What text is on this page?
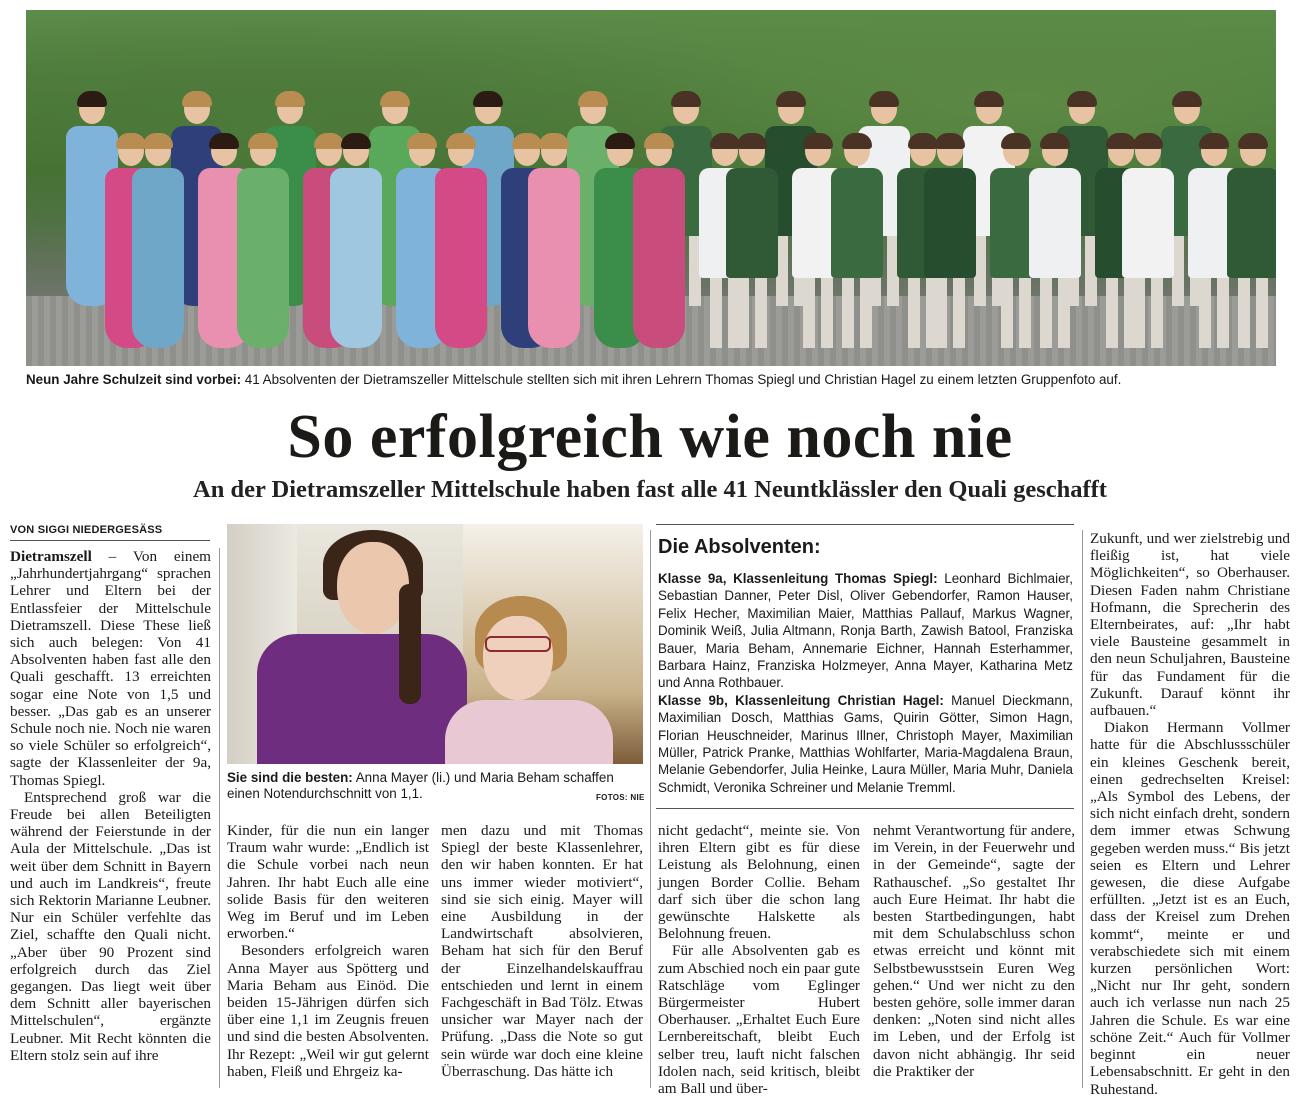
Neun Jahre Schulzeit sind vorbei: 41 Absolventen der Dietramszeller Mittelschule stellten sich mit ihren Lehrern Thomas Spiegl und Christian Hagel zu einem letzten Gruppenfoto auf.
So erfolgreich wie noch nie
An der Dietramszeller Mittelschule haben fast alle 41 Neuntklässler den Quali geschafft
VON SIGGI NIEDERGESÄSS

Dietramszell – Von einem „Jahrhundertjahrgang“ sprachen Lehrer und Eltern bei der Entlassfeier der Mittelschule Dietramszell. Diese These ließ sich auch belegen: Von 41 Absolventen haben fast alle den Quali geschafft. 13 erreichten sogar eine Note von 1,5 und besser. „Das gab es an unserer Schule noch nie. Noch nie waren so viele Schüler so erfolgreich“, sagte der Klassenleiter der 9a, Thomas Spiegl.

Entsprechend groß war die Freude bei allen Beteiligten während der Feierstunde in der Aula der Mittelschule. „Das ist weit über dem Schnitt in Bayern und auch im Landkreis“, freute sich Rektorin Marianne Leubner. Nur ein Schüler verfehlte das Ziel, schaffte den Quali nicht. „Aber über 90 Prozent sind erfolgreich durch das Ziel gegangen. Das liegt weit über dem Schnitt aller bayerischen Mittelschulen“, ergänzte Leubner. Mit Recht könnten die Eltern stolz sein auf ihre

Sie sind die besten: Anna Mayer (li.) und Maria Beham schaffen einen Notendurchschnitt von 1,1.	FOTOS: NIE
Die Absolventen:
Klasse 9a, Klassenleitung Thomas Spiegl: Leonhard Bichlmaier, Sebastian Danner, Peter Disl, Oliver Gebendorfer, Ramon Hauser, Felix Hecher, Maximilian Maier, Matthias Pallauf, Markus Wagner, Dominik Weiß, Julia Altmann, Ronja Barth, Zawish Batool, Franziska Bauer, Maria Beham, Annemarie Eichner, Hannah Esterhammer, Barbara Hainz, Franziska Holzmeyer, Anna Mayer, Katharina Metz und Anna Rothbauer.
Klasse 9b, Klassenleitung Christian Hagel: Manuel Dieckmann, Maximilian Dosch, Matthias Gams, Quirin Götter, Simon Hagn, Florian Heuschneider, Marinus Illner, Christoph Mayer, Maximilian Müller, Patrick Pranke, Matthias Wohlfarter, Maria-Magdalena Braun, Melanie Gebendorfer, Julia Heinke, Laura Müller, Maria Muhr, Daniela Schmidt, Veronika Schreiner und Melanie Tremml.

Kinder, für die nun ein langer Traum wahr wurde: „Endlich ist die Schule vorbei nach neun Jahren. Ihr habt Euch alle eine solide Basis für den weiteren Weg im Beruf und im Leben erworben.“

Besonders erfolgreich waren Anna Mayer aus Spötterg und Maria Beham aus Einöd. Die beiden 15-Jährigen dürfen sich über eine 1,1 im Zeugnis freuen und sind die besten Absolventen. Ihr Rezept: „Weil wir gut gelernt haben, Fleiß und Ehrgeiz ka-

men dazu und mit Thomas Spiegl der beste Klassenlehrer, den wir haben konnten. Er hat uns immer wieder motiviert“, sind sie sich einig. Mayer will eine Ausbildung in der Landwirtschaft absolvieren, Beham hat sich für den Beruf der Einzelhandelskauffrau entschieden und lernt in einem Fachgeschäft in Bad Tölz. Etwas unsicher war Mayer nach der Prüfung. „Dass die Note so gut sein würde war doch eine kleine Überraschung. Das hätte ich

nicht gedacht“, meinte sie. Von ihren Eltern gibt es für diese Leistung als Belohnung, einen jungen Border Collie. Beham darf sich über die schon lang gewünschte Halskette als Belohnung freuen.

Für alle Absolventen gab es zum Abschied noch ein paar gute Ratschläge vom Eglinger Bürgermeister Hubert Oberhauser. „Erhaltet Euch Eure Lernbereitschaft, bleibt Euch selber treu, lauft nicht falschen Idolen nach, seid kritisch, bleibt am Ball und über-

nehmt Verantwortung für andere, im Verein, in der Feuerwehr und in der Gemeinde“, sagte der Rathauschef. „So gestaltet Ihr auch Eure Heimat. Ihr habt die besten Startbedingungen, habt mit dem Schulabschluss schon etwas erreicht und könnt mit Selbstbewusstsein Euren Weg gehen.“ Und wer nicht zu den besten gehöre, solle immer daran denken: „Noten sind nicht alles im Leben, und der Erfolg ist davon nicht abhängig. Ihr seid die Praktiker der

Zukunft, und wer zielstrebig und fleißig ist, hat viele Möglichkeiten“, so Oberhauser. Diesen Faden nahm Christiane Hofmann, die Sprecherin des Elternbeirates, auf: „Ihr habt viele Bausteine gesammelt in den neun Schuljahren, Bausteine für das Fundament für die Zukunft. Darauf könnt ihr aufbauen.“

Diakon Hermann Vollmer hatte für die Abschlussschüler ein kleines Geschenk bereit, einen gedrechselten Kreisel: „Als Symbol des Lebens, der sich nicht einfach dreht, sondern dem immer etwas Schwung gegeben werden muss.“ Bis jetzt seien es Eltern und Lehrer gewesen, die diese Aufgabe erfüllten. „Jetzt ist es an Euch, dass der Kreisel zum Drehen kommt“, meinte er und verabschiedete sich mit einem kurzen persönlichen Wort: „Nicht nur Ihr geht, sondern auch ich verlasse nun nach 25 Jahren die Schule. Es war eine schöne Zeit.“ Auch für Vollmer beginnt ein neuer Lebensabschnitt. Er geht in den Ruhestand.
